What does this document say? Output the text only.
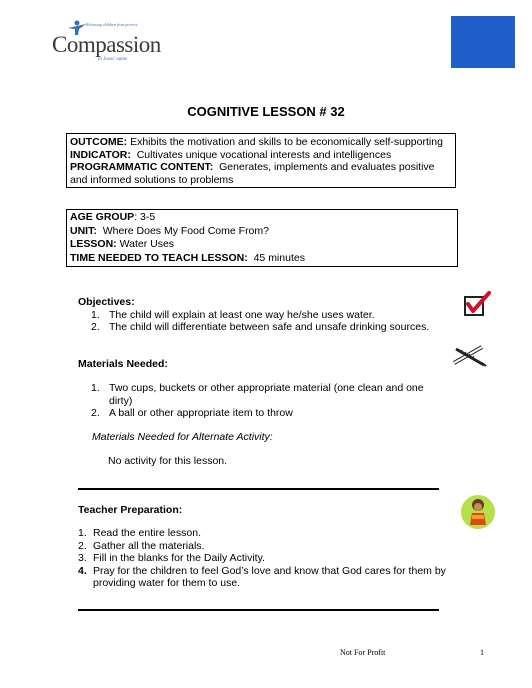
Releasing children from poverty
Compassion
in Jesus' name
COGNITIVE LESSON # 32
OUTCOME: Exhibits the motivation and skills to be economically self-supporting
INDICATOR: Cultivates unique vocational interests and intelligences
PROGRAMMATIC CONTENT: Generates, implements and evaluates positive and informed solutions to problems
AGE GROUP: 3-5
UNIT: Where Does My Food Come From?
LESSON: Water Uses
TIME NEEDED TO TEACH LESSON: 45 minutes
Objectives:
1. The child will explain at least one way he/she uses water.
2. The child will differentiate between safe and unsafe drinking sources.
Materials Needed:
1. Two cups, buckets or other appropriate material (one clean and one dirty)
2. A ball or other appropriate item to throw
Materials Needed for Alternate Activity:
No activity for this lesson.
Teacher Preparation:
1. Read the entire lesson.
2. Gather all the materials.
3. Fill in the blanks for the Daily Activity.
4. Pray for the children to feel God’s love and know that God cares for them by providing water for them to use.
Not For Profit	1
